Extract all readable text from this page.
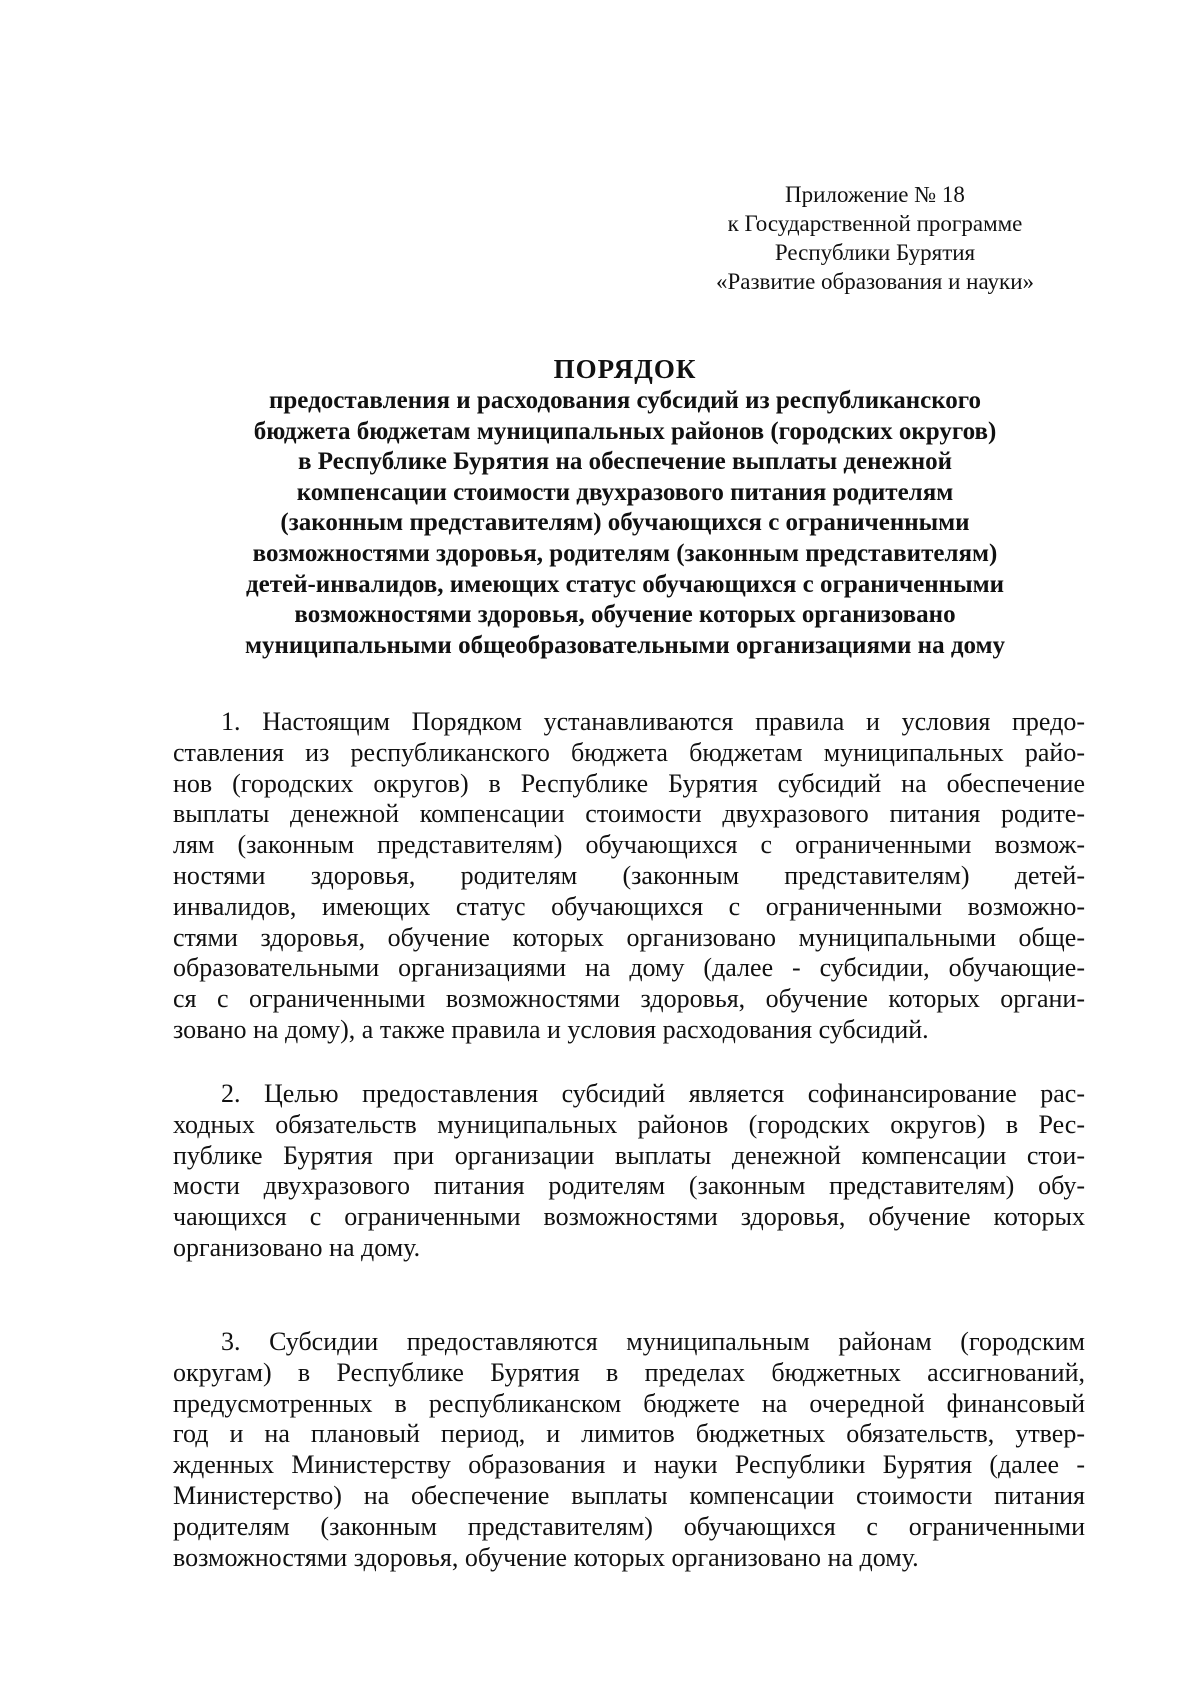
Приложение № 18
к Государственной программе
Республики Бурятия
«Развитие образования и науки»
ПОРЯДОК
предоставления и расходования субсидий из республиканского
бюджета бюджетам муниципальных районов (городских округов)
в Республике Бурятия на обеспечение выплаты денежной
компенсации стоимости двухразового питания родителям
(законным представителям) обучающихся с ограниченными
возможностями здоровья, родителям (законным представителям)
детей-инвалидов, имеющих статус обучающихся с ограниченными
возможностями здоровья, обучение которых организовано
муниципальными общеобразовательными организациями на дому
1. Настоящим Порядком устанавливаются правила и условия предо-
ставления из республиканского бюджета бюджетам муниципальных райо-
нов (городских округов) в Республике Бурятия субсидий на обеспечение
выплаты денежной компенсации стоимости двухразового питания родите-
лям (законным представителям) обучающихся с ограниченными возмож-
ностями здоровья, родителям (законным представителям) детей-
инвалидов, имеющих статус обучающихся с ограниченными возможно-
стями здоровья, обучение которых организовано муниципальными обще-
образовательными организациями на дому (далее - субсидии, обучающие-
ся с ограниченными возможностями здоровья, обучение которых органи-
зовано на дому), а также правила и условия расходования субсидий.
2. Целью предоставления субсидий является софинансирование рас-
ходных обязательств муниципальных районов (городских округов) в Рес-
публике Бурятия при организации выплаты денежной компенсации стои-
мости двухразового питания родителям (законным представителям) обу-
чающихся с ограниченными возможностями здоровья, обучение которых
организовано на дому.
3. Субсидии предоставляются муниципальным районам (городским
округам) в Республике Бурятия в пределах бюджетных ассигнований,
предусмотренных в республиканском бюджете на очередной финансовый
год и на плановый период, и лимитов бюджетных обязательств, утвер-
жденных Министерству образования и науки Республики Бурятия (далее -
Министерство) на обеспечение выплаты компенсации стоимости питания
родителям (законным представителям) обучающихся с ограниченными
возможностями здоровья, обучение которых организовано на дому.
